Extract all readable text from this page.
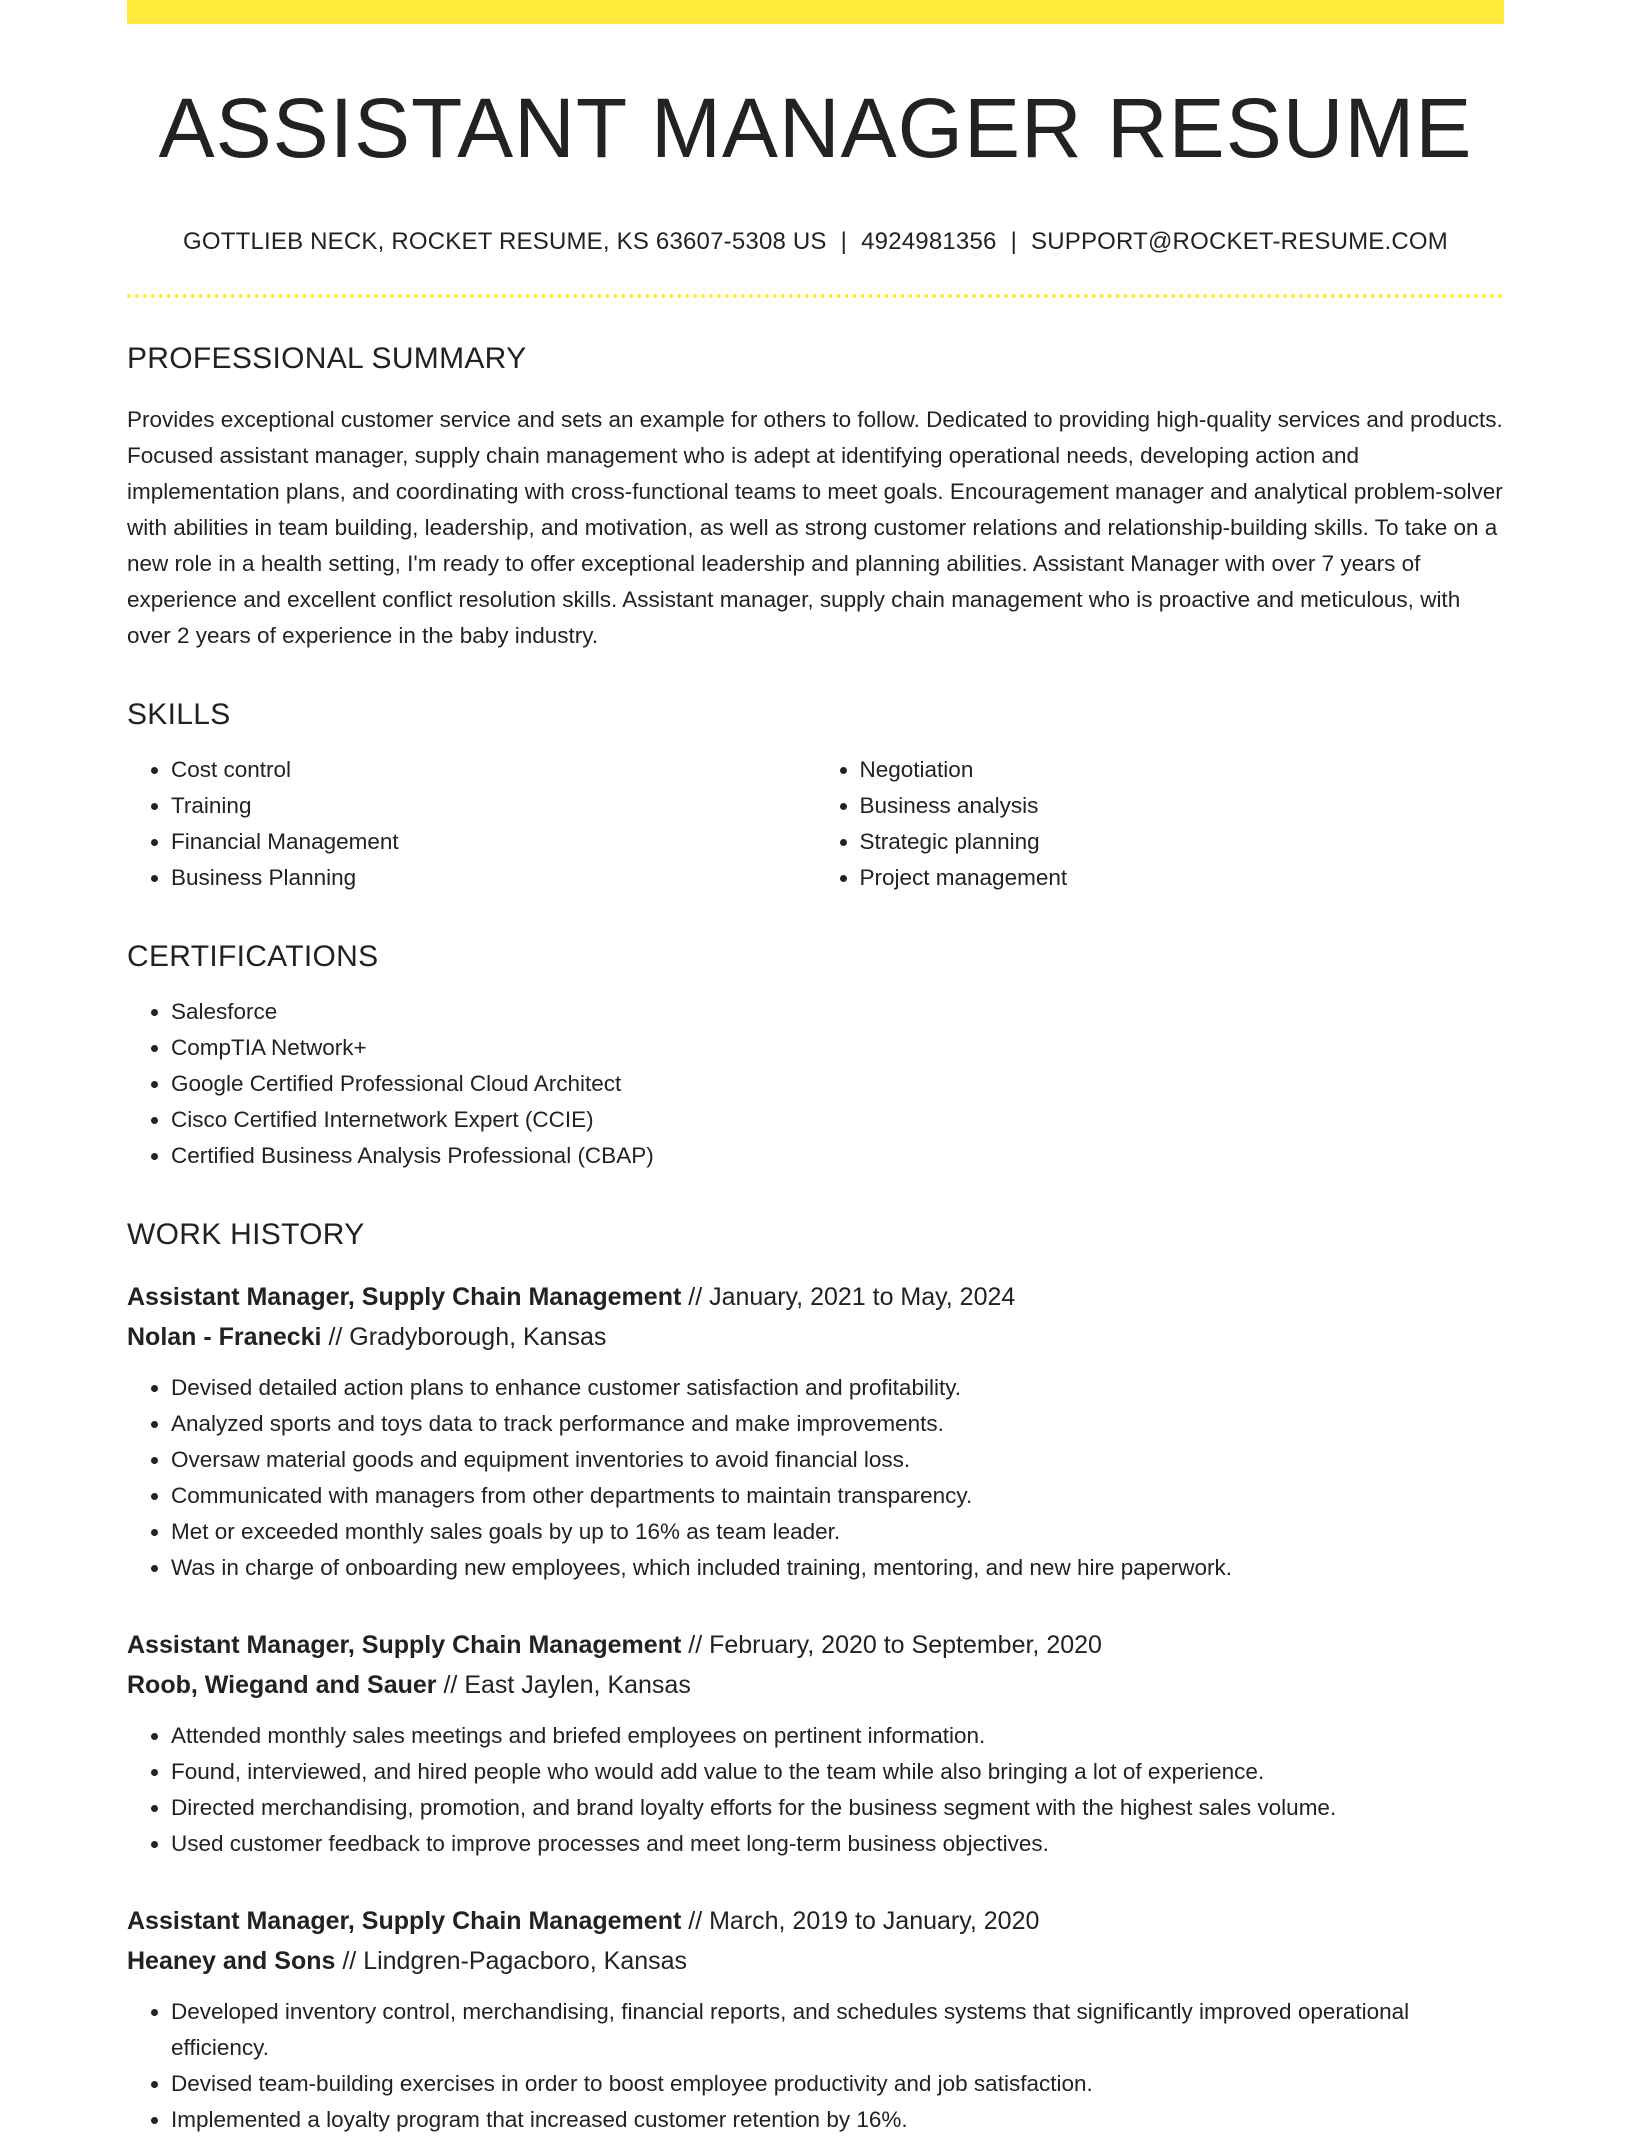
ASSISTANT MANAGER RESUME
GOTTLIEB NECK, ROCKET RESUME, KS 63607-5308 US | 4924981356 | SUPPORT@ROCKET-RESUME.COM
PROFESSIONAL SUMMARY
Provides exceptional customer service and sets an example for others to follow. Dedicated to providing high-quality services and products. Focused assistant manager, supply chain management who is adept at identifying operational needs, developing action and implementation plans, and coordinating with cross-functional teams to meet goals. Encouragement manager and analytical problem-solver with abilities in team building, leadership, and motivation, as well as strong customer relations and relationship-building skills. To take on a new role in a health setting, I'm ready to offer exceptional leadership and planning abilities. Assistant Manager with over 7 years of experience and excellent conflict resolution skills. Assistant manager, supply chain management who is proactive and meticulous, with over 2 years of experience in the baby industry.
SKILLS
• Cost control
• Training
• Financial Management
• Business Planning
• Negotiation
• Business analysis
• Strategic planning
• Project management
CERTIFICATIONS
• Salesforce
• CompTIA Network+
• Google Certified Professional Cloud Architect
• Cisco Certified Internetwork Expert (CCIE)
• Certified Business Analysis Professional (CBAP)
WORK HISTORY
Assistant Manager, Supply Chain Management // January, 2021 to May, 2024
Nolan - Franecki // Gradyborough, Kansas
• Devised detailed action plans to enhance customer satisfaction and profitability.
• Analyzed sports and toys data to track performance and make improvements.
• Oversaw material goods and equipment inventories to avoid financial loss.
• Communicated with managers from other departments to maintain transparency.
• Met or exceeded monthly sales goals by up to 16% as team leader.
• Was in charge of onboarding new employees, which included training, mentoring, and new hire paperwork.
Assistant Manager, Supply Chain Management // February, 2020 to September, 2020
Roob, Wiegand and Sauer // East Jaylen, Kansas
• Attended monthly sales meetings and briefed employees on pertinent information.
• Found, interviewed, and hired people who would add value to the team while also bringing a lot of experience.
• Directed merchandising, promotion, and brand loyalty efforts for the business segment with the highest sales volume.
• Used customer feedback to improve processes and meet long-term business objectives.
Assistant Manager, Supply Chain Management // March, 2019 to January, 2020
Heaney and Sons // Lindgren-Pagacboro, Kansas
• Developed inventory control, merchandising, financial reports, and schedules systems that significantly improved operational efficiency.
• Devised team-building exercises in order to boost employee productivity and job satisfaction.
• Implemented a loyalty program that increased customer retention by 16%.
